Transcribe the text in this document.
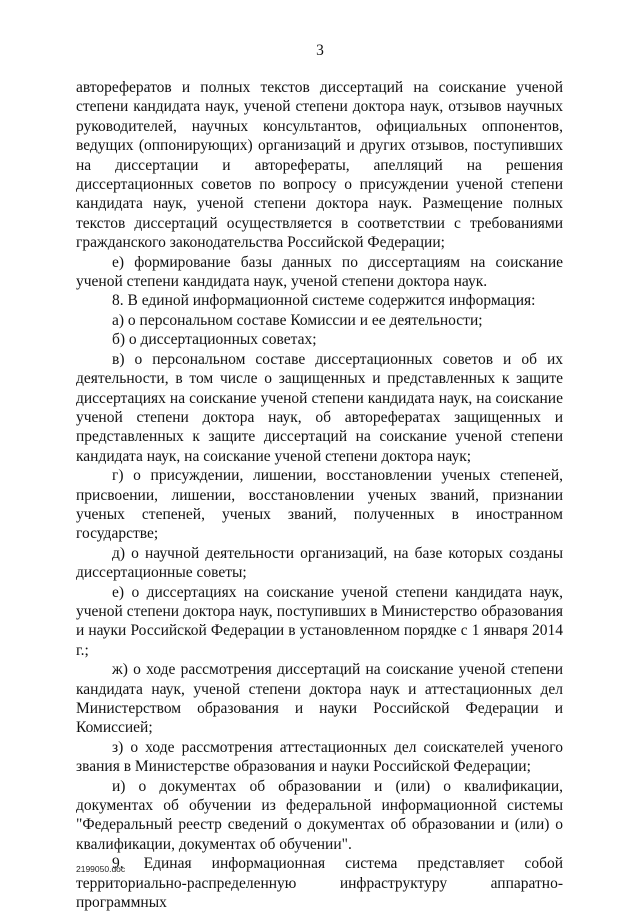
3

авторефератов и полных текстов диссертаций на соискание ученой степени кандидата наук, ученой степени доктора наук, отзывов научных руководителей, научных консультантов, официальных оппонентов, ведущих (оппонирующих) организаций и других отзывов, поступивших на диссертации и авторефераты, апелляций на решения диссертационных советов по вопросу о присуждении ученой степени кандидата наук, ученой степени доктора наук. Размещение полных текстов диссертаций осуществляется в соответствии с требованиями гражданского законодательства Российской Федерации;

е) формирование базы данных по диссертациям на соискание ученой степени кандидата наук, ученой степени доктора наук.

8. В единой информационной системе содержится информация:

а) о персональном составе Комиссии и ее деятельности;

б) о диссертационных советах;

в) о персональном составе диссертационных советов и об их деятельности, в том числе о защищенных и представленных к защите диссертациях на соискание ученой степени кандидата наук, на соискание ученой степени доктора наук, об авторефератах защищенных и представленных к защите диссертаций на соискание ученой степени кандидата наук, на соискание ученой степени доктора наук;

г) о присуждении, лишении, восстановлении ученых степеней, присвоении, лишении, восстановлении ученых званий, признании ученых степеней, ученых званий, полученных в иностранном государстве;

д) о научной деятельности организаций, на базе которых созданы диссертационные советы;

е) о диссертациях на соискание ученой степени кандидата наук, ученой степени доктора наук, поступивших в Министерство образования и науки Российской Федерации в установленном порядке с 1 января 2014 г.;

ж) о ходе рассмотрения диссертаций на соискание ученой степени кандидата наук, ученой степени доктора наук и аттестационных дел Министерством образования и науки Российской Федерации и Комиссией;

з) о ходе рассмотрения аттестационных дел соискателей ученого звания в Министерстве образования и науки Российской Федерации;

и) о документах об образовании и (или) о квалификации, документах об обучении из федеральной информационной системы "Федеральный реестр сведений о документах об образовании и (или) о квалификации, документах об обучении".

9. Единая информационная система представляет собой территориально-распределенную инфраструктуру аппаратно-программных

2199050.doc
